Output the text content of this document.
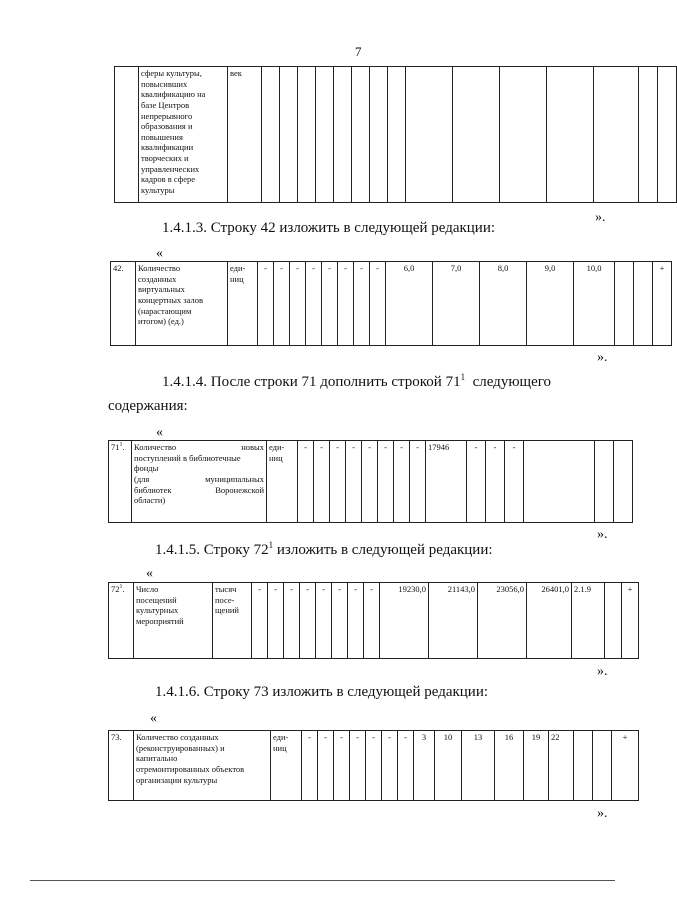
7
	сферы культуры,
повысивших
квалификацию на
базе Центров
непрерывного
образования и
повышения
квалификации
творческих и
управленческих
кадров в сфере
культуры	век																
».
1.4.1.3. Строку 42 изложить в следующей редакции:
«
42.	Количество
созданных
виртуальных
концертных залов
(нарастающим
итогом) (ед.)	еди-
ниц	-	-	-	-	-	-	-	-	6,0	7,0	8,0	9,0	10,0			+	
».
1.4.1.4. После строки 71 дополнить строкой $71^1$ следующего
содержания:
«
$71^1$.	Количество новых
поступлений в библиотечные
фонды
(для муниципальных
библиотек Воронежской
области)
	еди-
ниц	-	-	-	-	-	-	-	-	17946	-	-	-				
».
1.4.1.5. Строку $72^1$ изложить в следующей редакции:
«
$72^1$.	Число
посещений
культурных
мероприятий	тысяч
посе-
щений	-	-	-	-	-	-	-	-	19230,0	21143,0	23056,0	26401,0	2.1.9		+	
».
1.4.1.6. Строку 73 изложить в следующей редакции:
«
73.	Количество созданных
(реконструированных) и
капитально
отремонтированных объектов
организации культуры	еди-
ниц	-	-	-	-	-	-	-	3	10	13	16	19	22			+	
».
